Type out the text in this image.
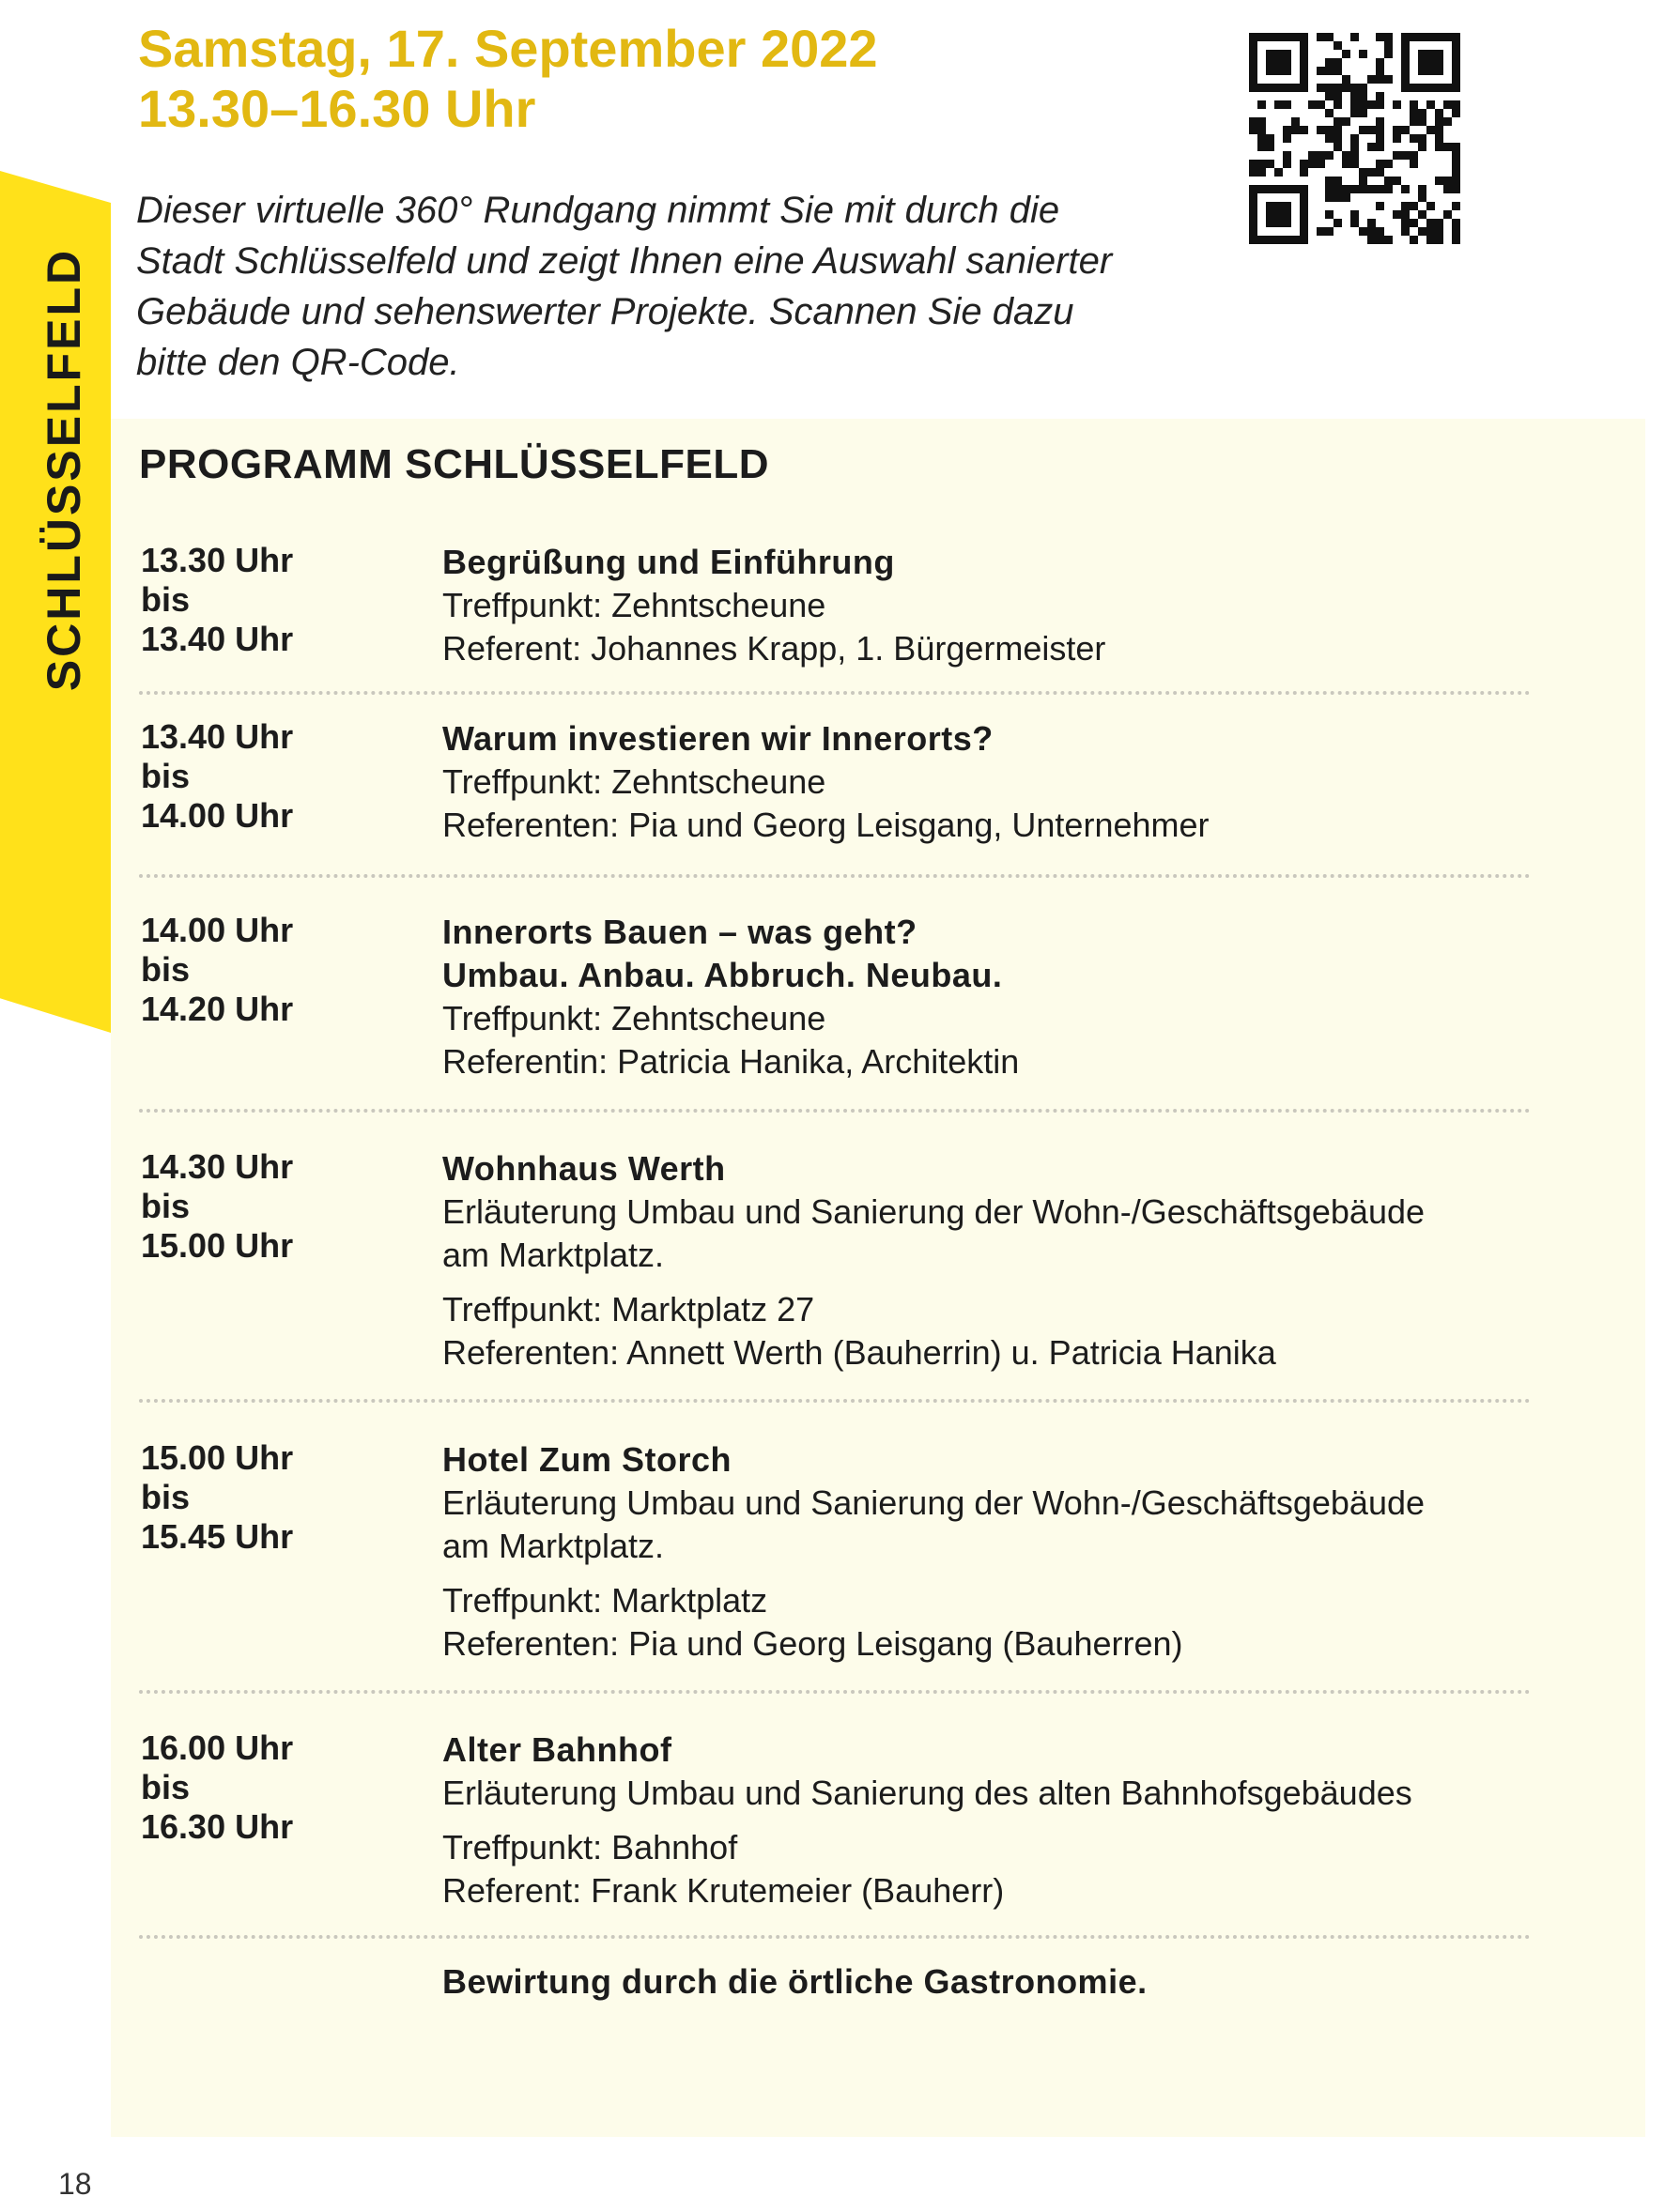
SCHLÜSSELFELD
Samstag, 17. September 2022
13.30–16.30 Uhr
Dieser virtuelle 360° Rundgang nimmt Sie mit durch die
Stadt Schlüsselfeld und zeigt Ihnen eine Auswahl sanierter
Gebäude und sehenswerter Projekte. Scannen Sie dazu
bitte den QR-Code.
PROGRAMM SCHLÜSSELFELD
13.30 Uhr
bis
13.40 Uhr
Begrüßung und Einführung
Treffpunkt: Zehntscheune
Referent: Johannes Krapp, 1. Bürgermeister
13.40 Uhr
bis
14.00 Uhr
Warum investieren wir Innerorts?
Treffpunkt: Zehntscheune
Referenten: Pia und Georg Leisgang, Unternehmer
14.00 Uhr
bis
14.20 Uhr
Innerorts Bauen – was geht?
Umbau. Anbau. Abbruch. Neubau.
Treffpunkt: Zehntscheune
Referentin: Patricia Hanika, Architektin
14.30 Uhr
bis
15.00 Uhr
Wohnhaus Werth
Erläuterung Umbau und Sanierung der Wohn-/Geschäftsgebäude
am Marktplatz.
Treffpunkt: Marktplatz 27
Referenten: Annett Werth (Bauherrin) u. Patricia Hanika
15.00 Uhr
bis
15.45 Uhr
Hotel Zum Storch
Erläuterung Umbau und Sanierung der Wohn-/Geschäftsgebäude
am Marktplatz.
Treffpunkt: Marktplatz
Referenten: Pia und Georg Leisgang (Bauherren)
16.00 Uhr
bis
16.30 Uhr
Alter Bahnhof
Erläuterung Umbau und Sanierung des alten Bahnhofsgebäudes
Treffpunkt: Bahnhof
Referent: Frank Krutemeier (Bauherr)
Bewirtung durch die örtliche Gastronomie.
18
